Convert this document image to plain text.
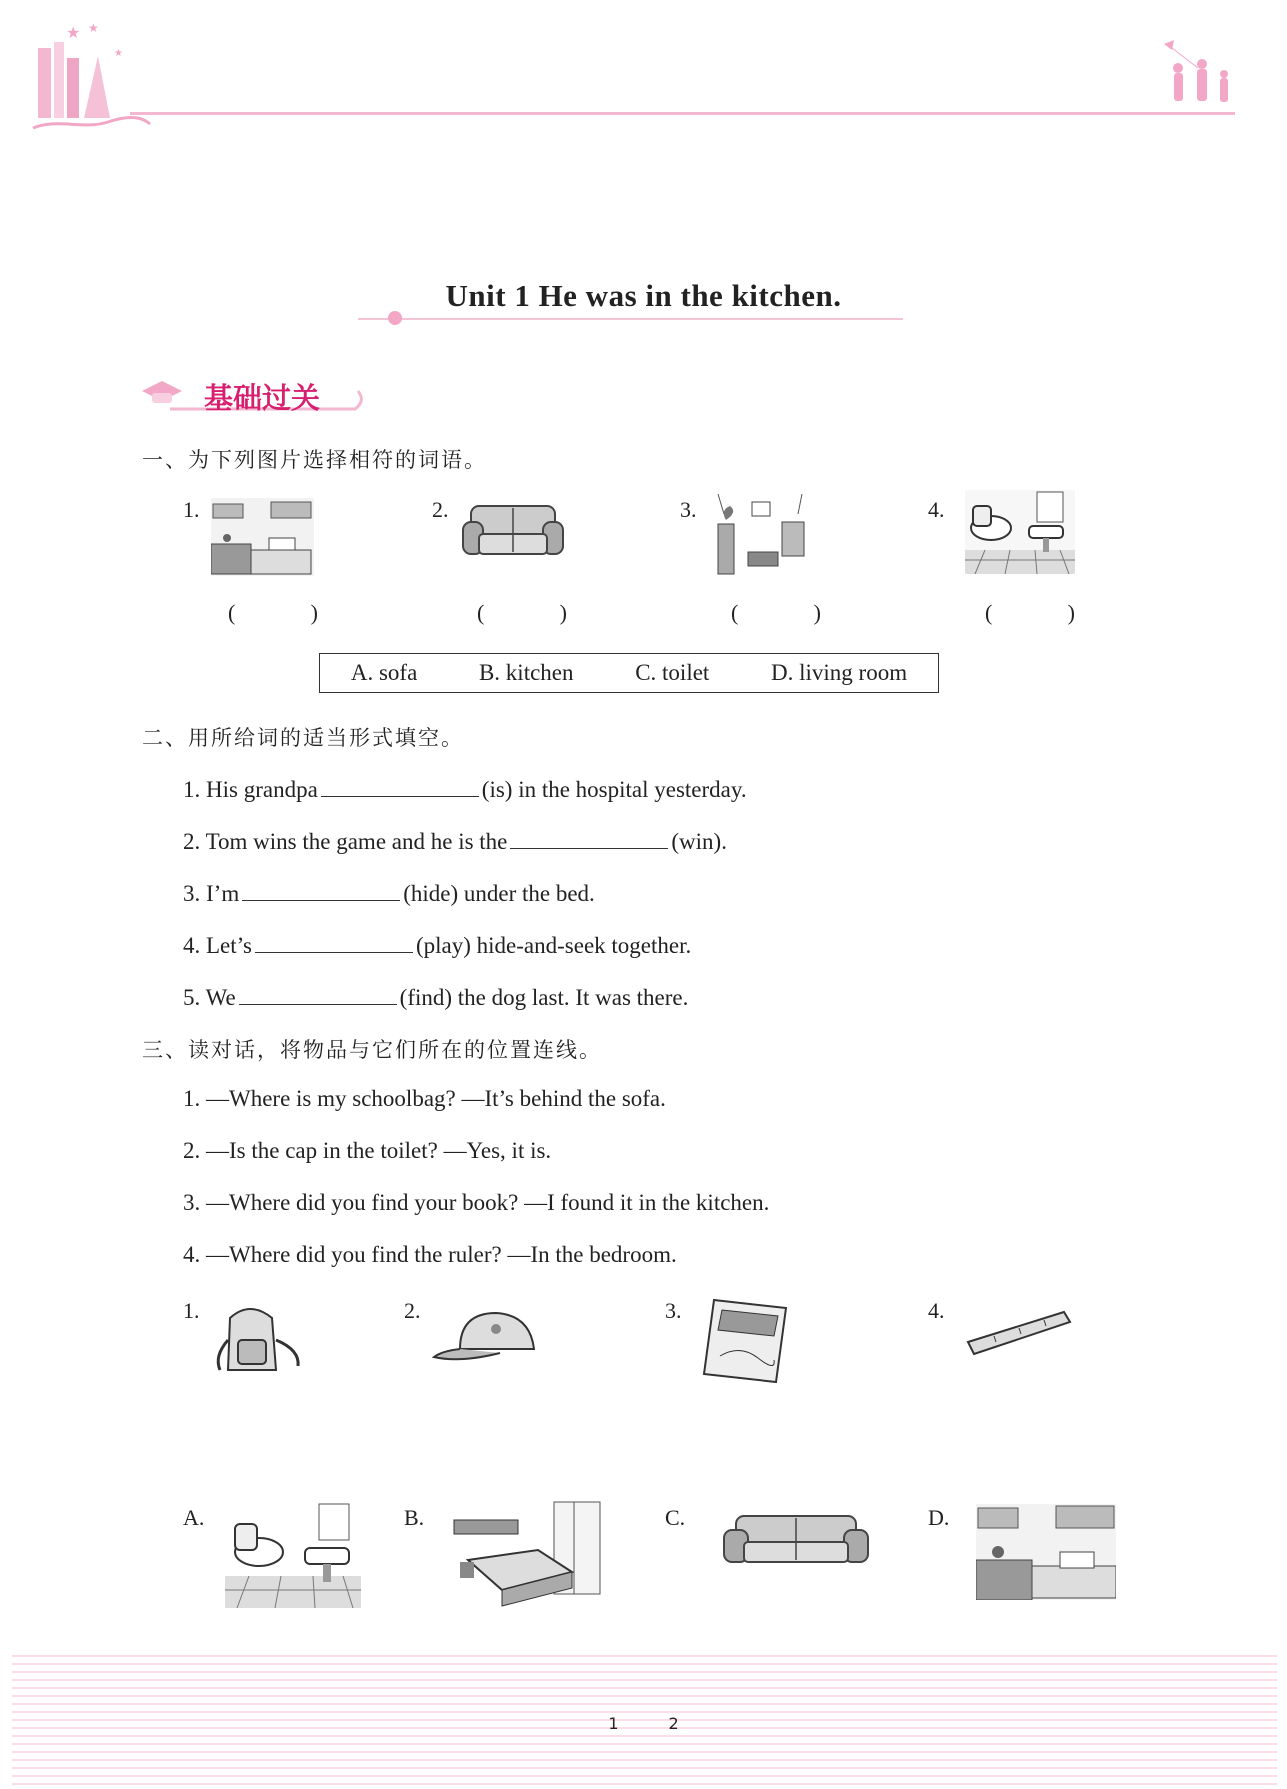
★ ★
★
Unit 1 He was in the kitchen.
基础过关
一、为下列图片选择相符的词语。
1.	2.	3.	4.
(	)	(	)	(	)	(	)
A. sofa	B. kitchen	C. toilet	D. living room
二、用所给词的适当形式填空。
1. His grandpa	(is) in the hospital yesterday.
2. Tom wins the game and he is the	(win).
3. I’m	(hide) under the bed.
4. Let’s	(play) hide-and-seek together.
5. We	(find) the dog last. It was there.
三、读对话，将物品与它们所在的位置连线。
1. —Where is my schoolbag? —It’s behind the sofa.
2. —Is the cap in the toilet? —Yes, it is.
3. —Where did you find your book? —I found it in the kitchen.
4. —Where did you find the ruler? —In the bedroom.
1.	2.	3.	4.
A.	B.	C.	D.
1	2
